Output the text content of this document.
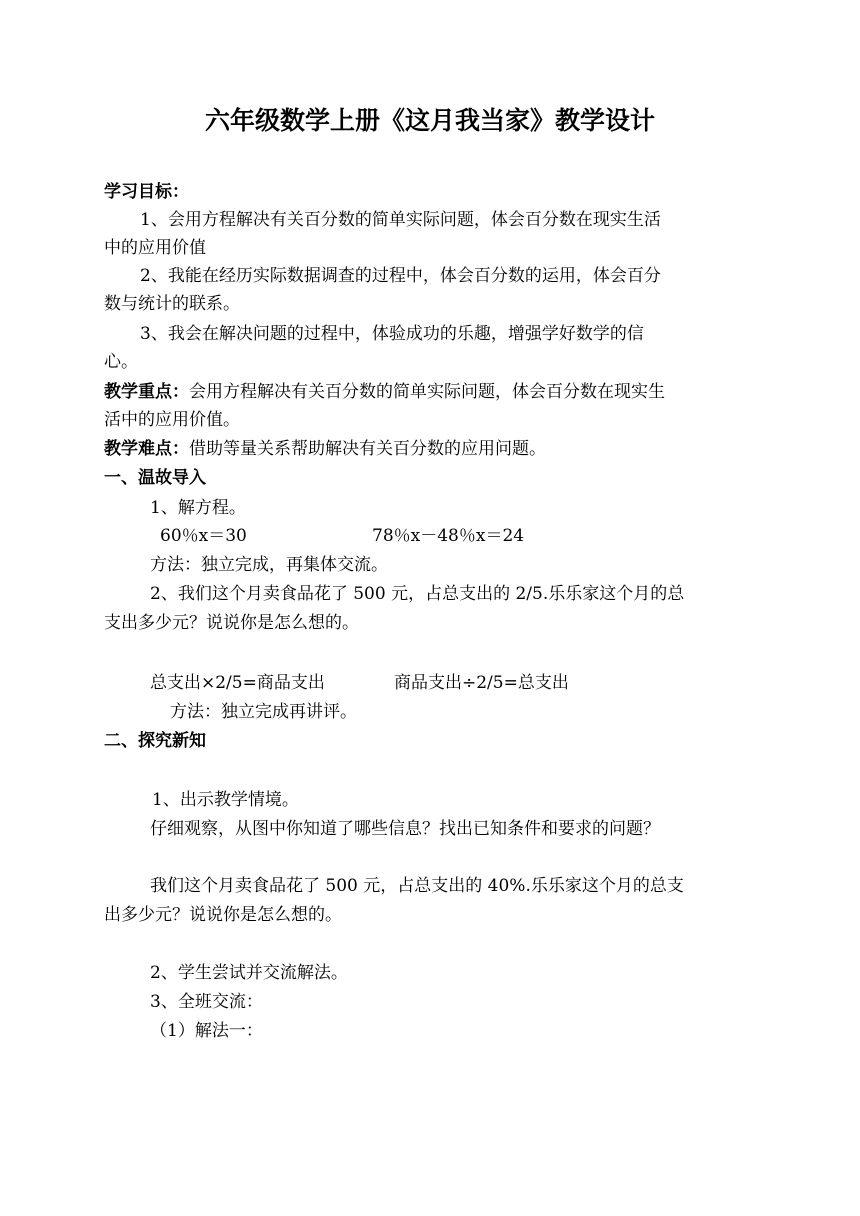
六年级数学上册《这月我当家》教学设计
学习目标：
1、会用方程解决有关百分数的简单实际问题，体会百分数在现实生活
中的应用价值
2、我能在经历实际数据调查的过程中，体会百分数的运用，体会百分
数与统计的联系。
3、我会在解决问题的过程中，体验成功的乐趣，增强学好数学的信
心。
教学重点：会用方程解决有关百分数的简单实际问题，体会百分数在现实生
活中的应用价值。
教学难点：借助等量关系帮助解决有关百分数的应用问题。
一、温故导入
1、解方程。
60％x＝30	78％x－48％x＝24
方法：独立完成，再集体交流。
2、我们这个月卖食品花了 500 元，占总支出的 2/5.乐乐家这个月的总
支出多少元？说说你是怎么想的。
总支出×2/5=商品支出	商品支出÷2/5=总支出
方法：独立完成再讲评。
二、探究新知
1、出示教学情境。
仔细观察，从图中你知道了哪些信息？找出已知条件和要求的问题？
我们这个月卖食品花了 500 元，占总支出的 40%.乐乐家这个月的总支
出多少元？说说你是怎么想的。
2、学生尝试并交流解法。
3、全班交流：
（1）解法一：
